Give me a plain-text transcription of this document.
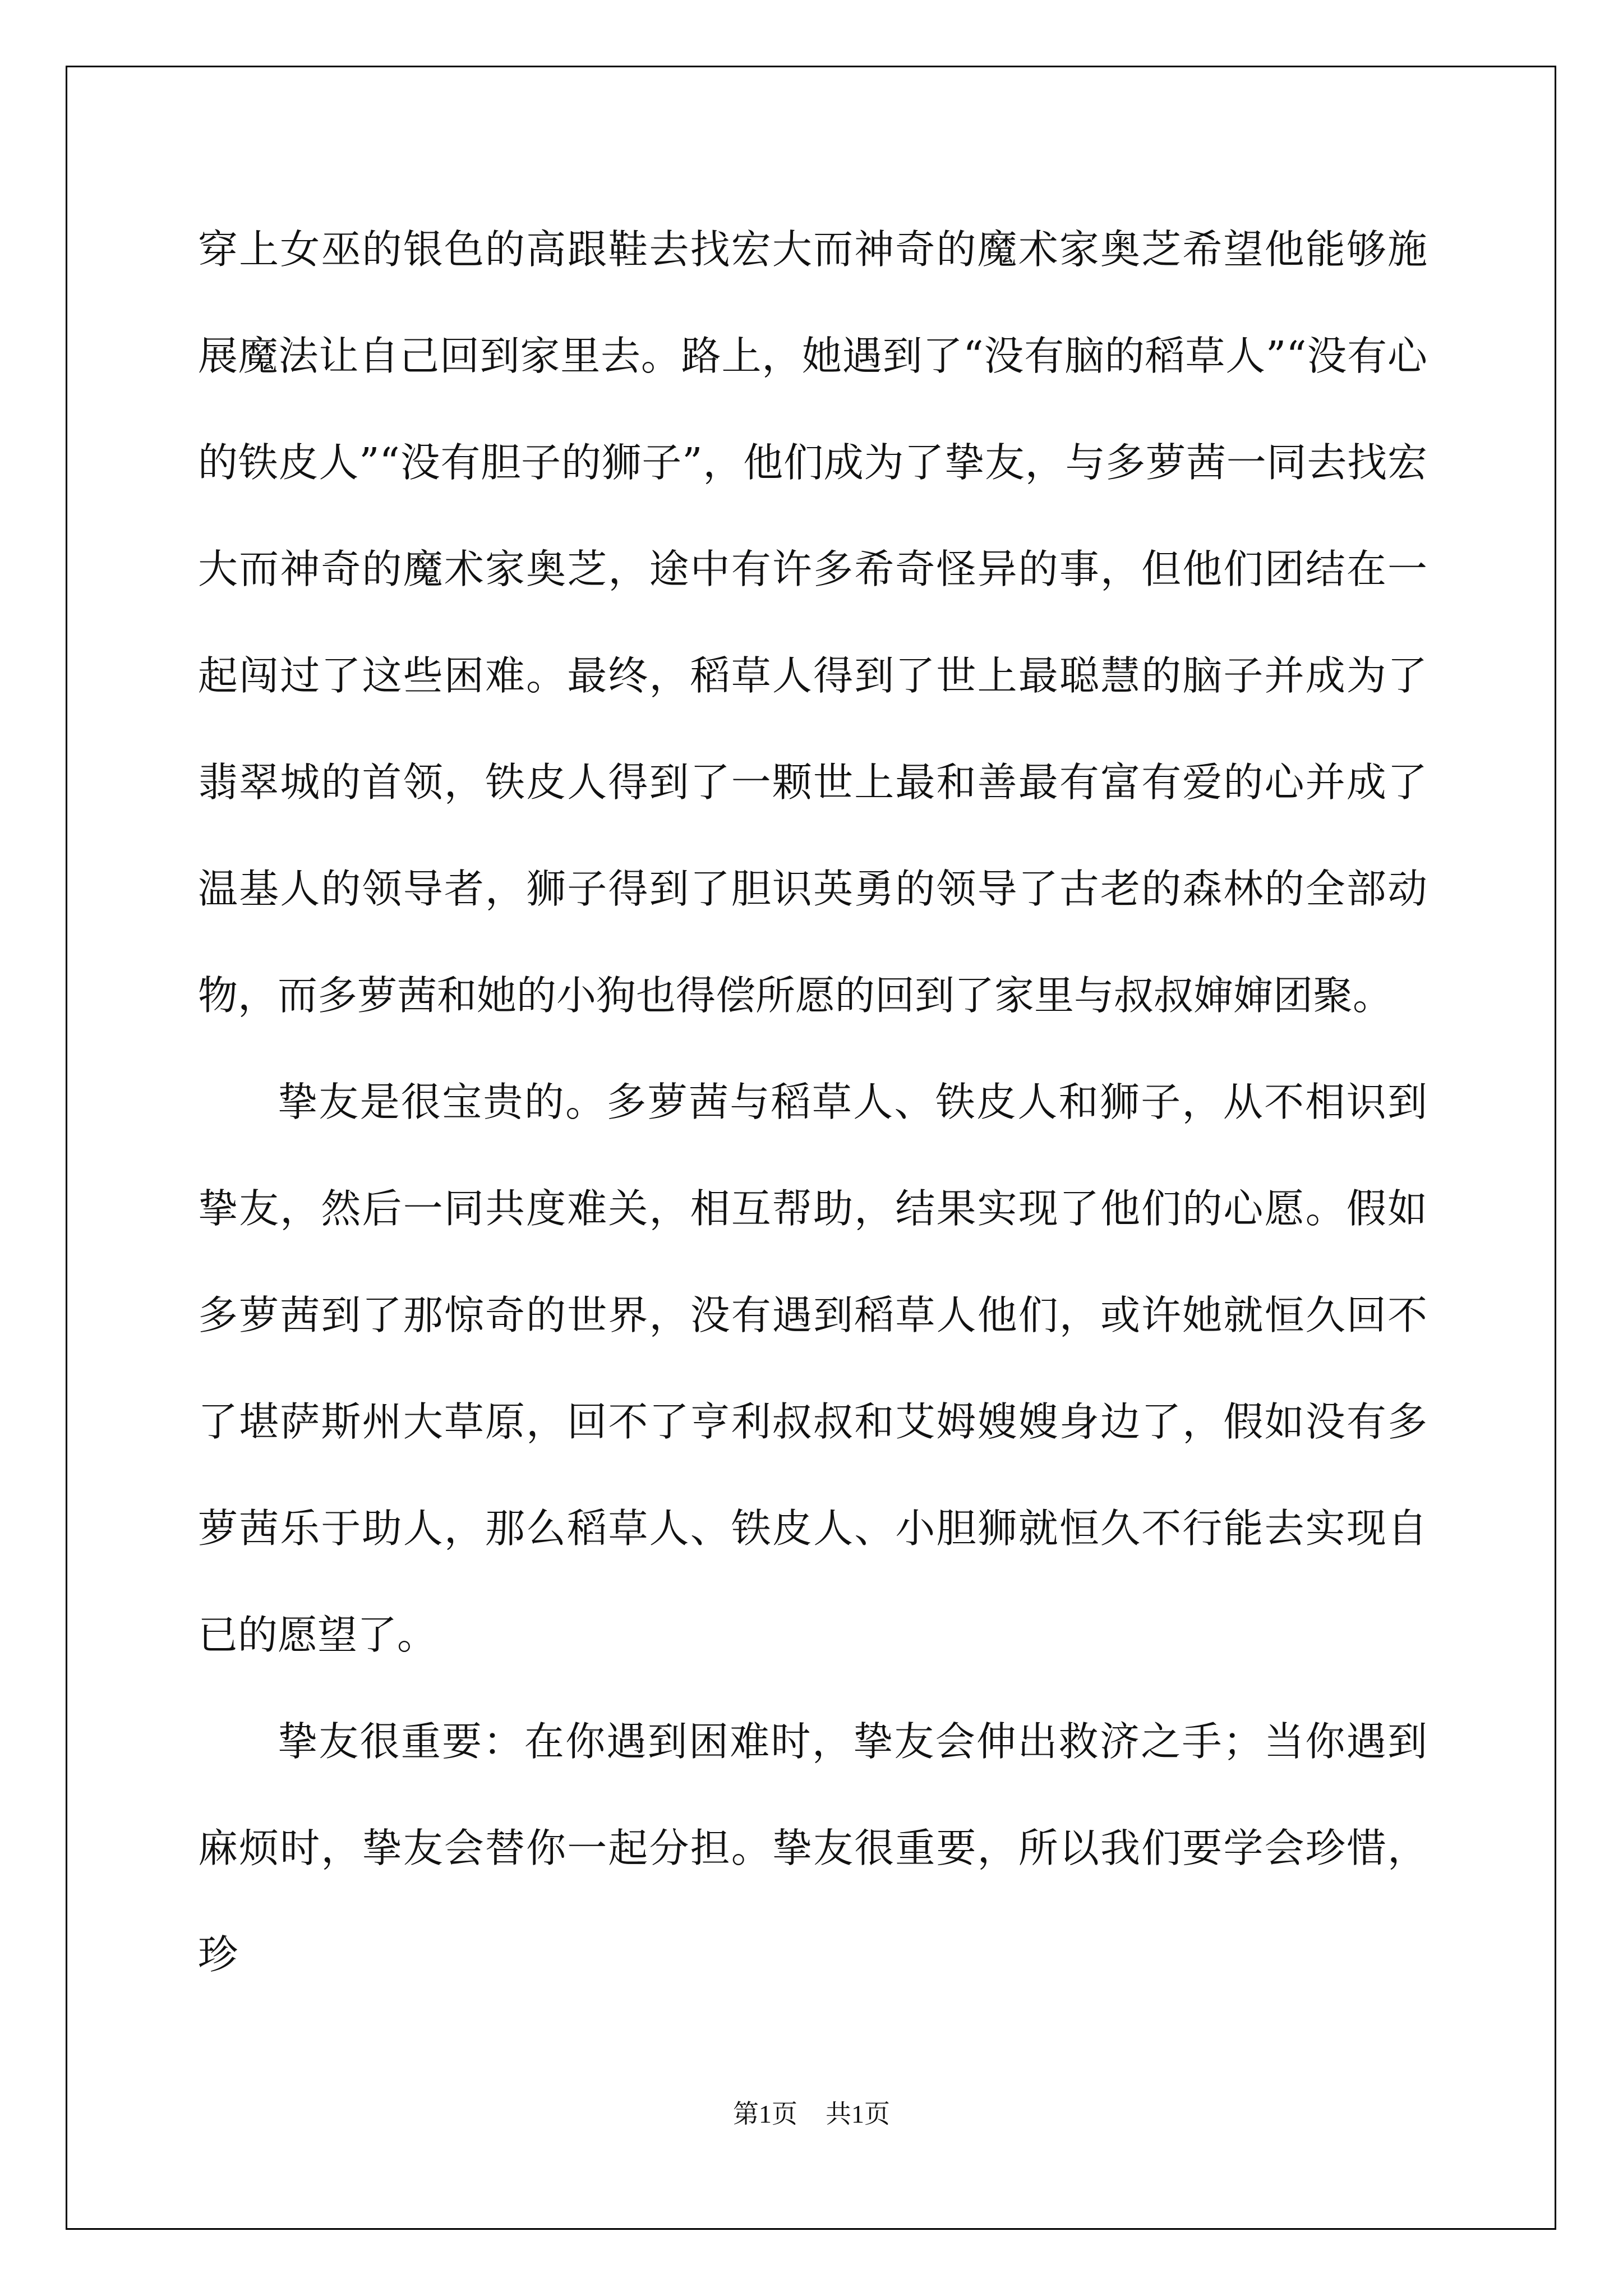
穿上女巫的银色的高跟鞋去找宏大而神奇的魔术家奥芝希望他能够施展魔法让自己回到家里去。路上，她遇到了“没有脑的稻草人”“没有心的铁皮人”“没有胆子的狮子”，他们成为了挚友，与多萝茜一同去找宏大而神奇的魔术家奥芝，途中有许多希奇怪异的事，但他们团结在一起闯过了这些困难。最终，稻草人得到了世上最聪慧的脑子并成为了翡翠城的首领，铁皮人得到了一颗世上最和善最有富有爱的心并成了温基人的领导者，狮子得到了胆识英勇的领导了古老的森林的全部动物，而多萝茜和她的小狗也得偿所愿的回到了家里与叔叔婶婶团聚。

挚友是很宝贵的。多萝茜与稻草人、铁皮人和狮子，从不相识到挚友，然后一同共度难关，相互帮助，结果实现了他们的心愿。假如多萝茜到了那惊奇的世界，没有遇到稻草人他们，或许她就恒久回不了堪萨斯州大草原，回不了亨利叔叔和艾姆嫂嫂身边了，假如没有多萝茜乐于助人，那么稻草人、铁皮人、小胆狮就恒久不行能去实现自已的愿望了。

挚友很重要：在你遇到困难时，挚友会伸出救济之手；当你遇到麻烦时，挚友会替你一起分担。挚友很重要，所以我们要学会珍惜，珍

第1页 共1页
